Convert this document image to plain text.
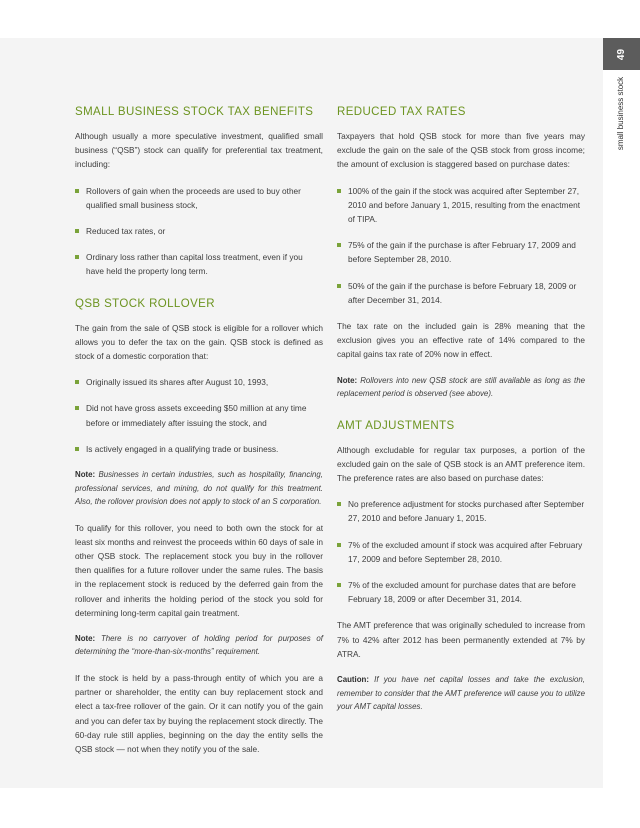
49
small business stock
SMALL BUSINESS STOCK TAX BENEFITS

Although usually a more speculative investment, qualified small business (“QSB”) stock can qualify for preferential tax treatment, including:

Rollovers of gain when the proceeds are used to buy other qualified small business stock,
Reduced tax rates, or
Ordinary loss rather than capital loss treatment, even if you have held the property long term.
QSB STOCK ROLLOVER

The gain from the sale of QSB stock is eligible for a rollover which allows you to defer the tax on the gain. QSB stock is defined as stock of a domestic corporation that:

Originally issued its shares after August 10, 1993,
Did not have gross assets exceeding $50 million at any time before or immediately after issuing the stock, and
Is actively engaged in a qualifying trade or business.

Note: Businesses in certain industries, such as hospitality, financing, professional services, and mining, do not qualify for this treatment. Also, the rollover provision does not apply to stock of an S corporation.

To qualify for this rollover, you need to both own the stock for at least six months and reinvest the proceeds within 60 days of sale in other QSB stock. The replacement stock you buy in the rollover then qualifies for a future rollover under the same rules. The basis in the replacement stock is reduced by the deferred gain from the rollover and inherits the holding period of the stock you sold for determining long-term capital gain treatment.

Note: There is no carryover of holding period for purposes of determining the “more-than-six-months” requirement.

If the stock is held by a pass-through entity of which you are a partner or shareholder, the entity can buy replacement stock and elect a tax-free rollover of the gain. Or it can notify you of the gain and you can defer tax by buying the replacement stock directly. The 60-day rule still applies, beginning on the day the entity sells the QSB stock — not when they notify you of the sale.

REDUCED TAX RATES

Taxpayers that hold QSB stock for more than five years may exclude the gain on the sale of the QSB stock from gross income; the amount of exclusion is staggered based on purchase dates:

100% of the gain if the stock was acquired after September 27, 2010 and before January 1, 2015, resulting from the enactment of TIPA.
75% of the gain if the purchase is after February 17, 2009 and before September 28, 2010.
50% of the gain if the purchase is before February 18, 2009 or after December 31, 2014.

The tax rate on the included gain is 28% meaning that the exclusion gives you an effective rate of 14% compared to the capital gains tax rate of 20% now in effect.

Note: Rollovers into new QSB stock are still available as long as the replacement period is observed (see above).

AMT ADJUSTMENTS

Although excludable for regular tax purposes, a portion of the excluded gain on the sale of QSB stock is an AMT preference item. The preference rates are also based on purchase dates:

No preference adjustment for stocks purchased after September 27, 2010 and before January 1, 2015.
7% of the excluded amount if stock was acquired after February 17, 2009 and before September 28, 2010.
7% of the excluded amount for purchase dates that are before February 18, 2009 or after December 31, 2014.

The AMT preference that was originally scheduled to increase from 7% to 42% after 2012 has been permanently extended at 7% by ATRA.

Caution: If you have net capital losses and take the exclusion, remember to consider that the AMT preference will cause you to utilize your AMT capital losses.
